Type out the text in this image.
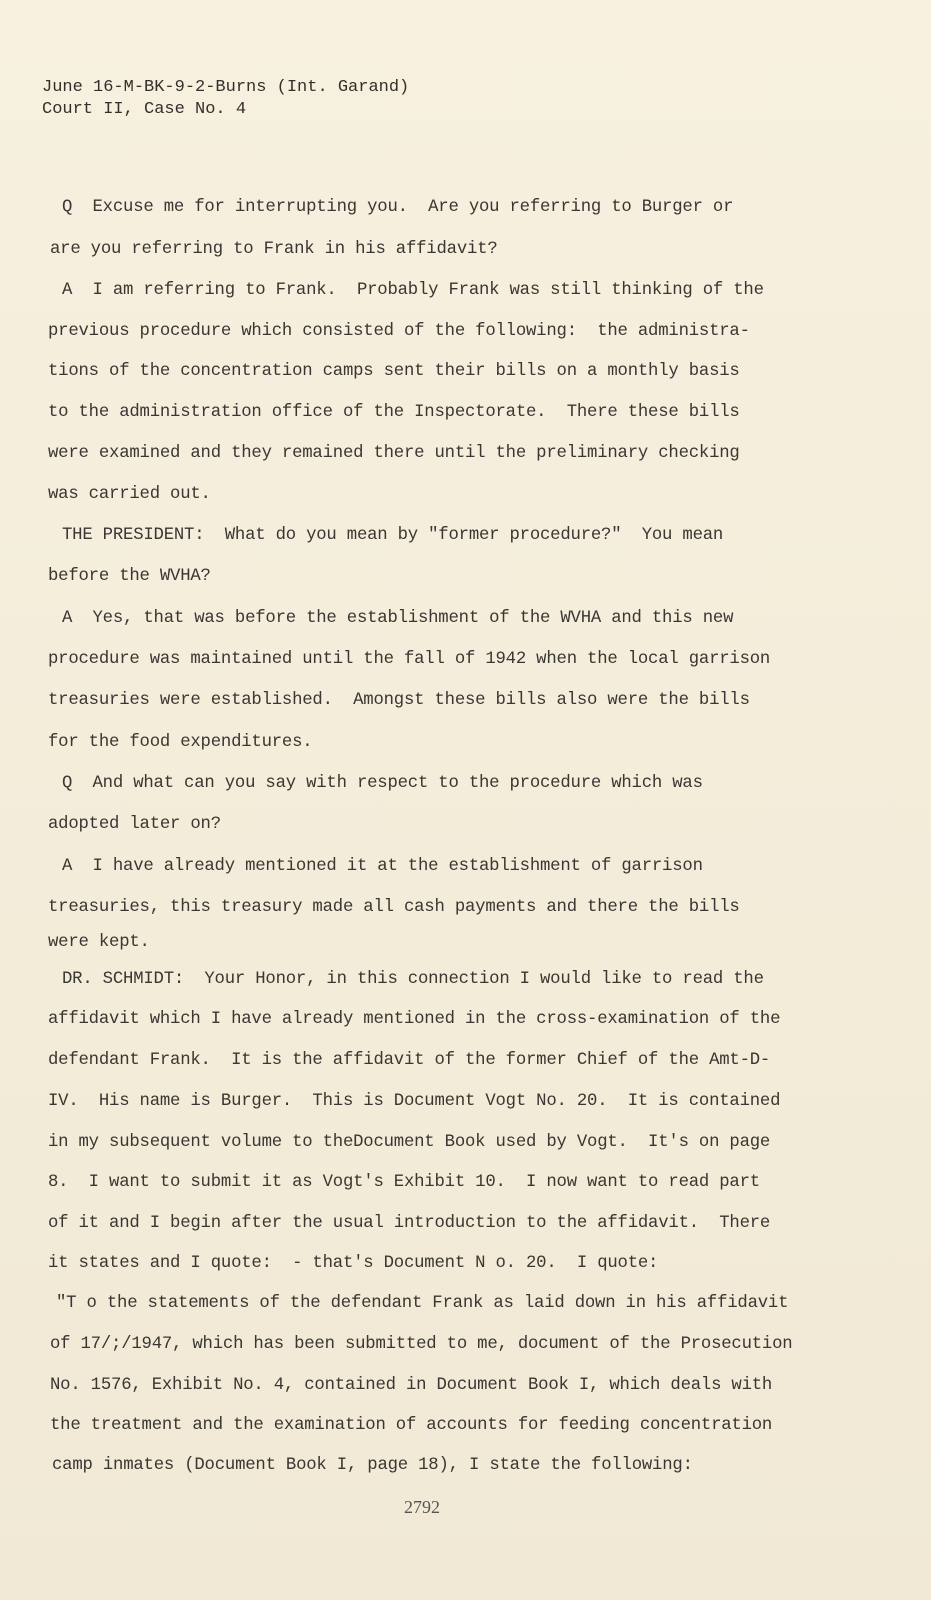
June 16-M-BK-9-2-Burns (Int. Garand)
Court II, Case No. 4
Q  Excuse me for interrupting you.  Are you referring to Burger or
are you referring to Frank in his affidavit?
A  I am referring to Frank.  Probably Frank was still thinking of the
previous procedure which consisted of the following:  the administra-
tions of the concentration camps sent their bills on a monthly basis
to the administration office of the Inspectorate.  There these bills
were examined and they remained there until the preliminary checking
was carried out.
THE PRESIDENT:  What do you mean by "former procedure?"  You mean
before the WVHA?
A  Yes, that was before the establishment of the WVHA and this new
procedure was maintained until the fall of 1942 when the local garrison
treasuries were established.  Amongst these bills also were the bills
for the food expenditures.
Q  And what can you say with respect to the procedure which was
adopted later on?
A  I have already mentioned it at the establishment of garrison
treasuries, this treasury made all cash payments and there the bills
were kept.
DR. SCHMIDT:  Your Honor, in this connection I would like to read the
affidavit which I have already mentioned in the cross-examination of the
defendant Frank.  It is the affidavit of the former Chief of the Amt-D-
IV.  His name is Burger.  This is Document Vogt No. 20.  It is contained
in my subsequent volume to theDocument Book used by Vogt.  It's on page
8.  I want to submit it as Vogt's Exhibit 10.  I now want to read part
of it and I begin after the usual introduction to the affidavit.  There
it states and I quote:  - that's Document N o. 20.  I quote:
"T o the statements of the defendant Frank as laid down in his affidavit
of 17/;/1947, which has been submitted to me, document of the Prosecution
No. 1576, Exhibit No. 4, contained in Document Book I, which deals with
the treatment and the examination of accounts for feeding concentration
camp inmates (Document Book I, page 18), I state the following:
2792
